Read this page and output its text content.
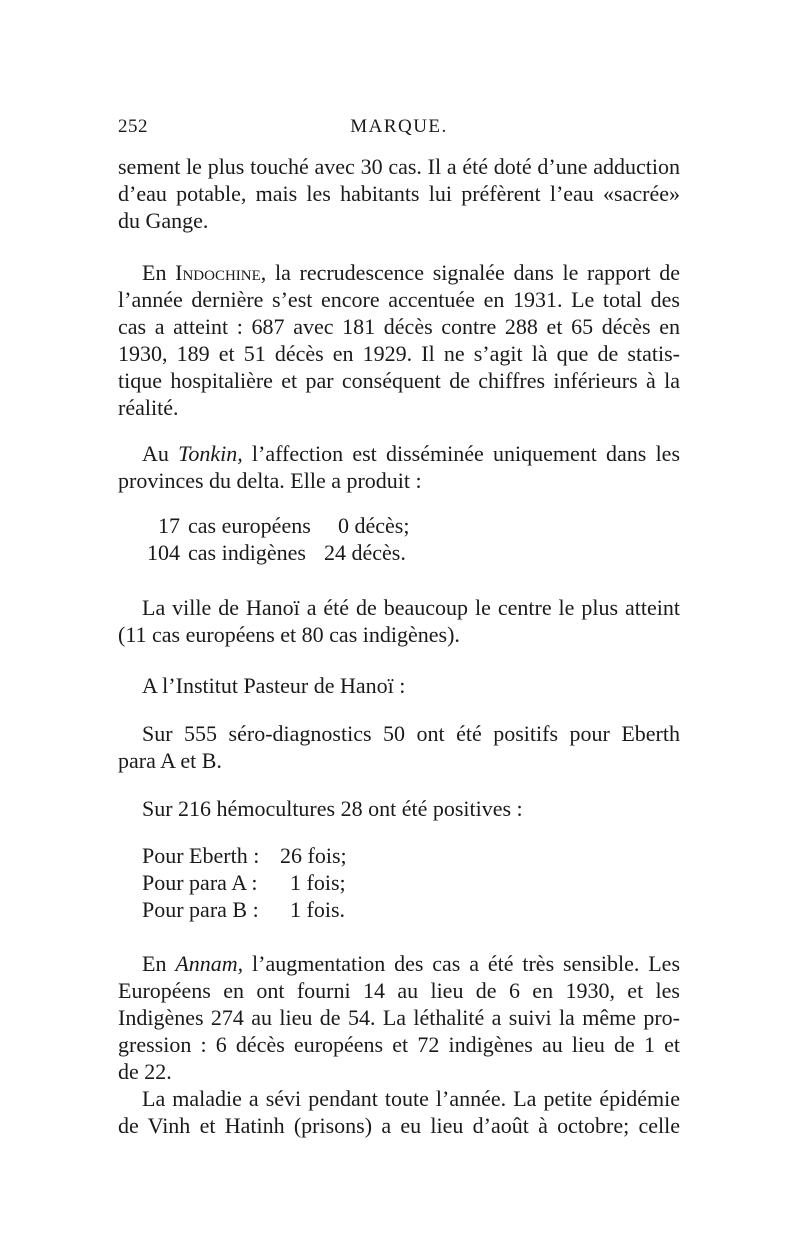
252	MARQUE.
sement le plus touché avec 30 cas. Il a été doté d’une adduction
d’eau potable, mais les habitants lui préfèrent l’eau «sacrée»
du Gange.
En Indochine, la recrudescence signalée dans le rapport de
l’année dernière s’est encore accentuée en 1931. Le total des
cas a atteint : 687 avec 181 décès contre 288 et 65 décès en
1930, 189 et 51 décès en 1929. Il ne s’agit là que de statis-
tique hospitalière et par conséquent de chiffres inférieurs à la
réalité.
Au Tonkin, l’affection est disséminée uniquement dans les
provinces du delta. Elle a produit :
17 cas européens 0 décès;
104 cas indigènes 24 décès.
La ville de Hanoï a été de beaucoup le centre le plus atteint
(11 cas européens et 80 cas indigènes).
A l’Institut Pasteur de Hanoï :
Sur 555 séro-diagnostics 50 ont été positifs pour Eberth
para A et B.
Sur 216 hémocultures 28 ont été positives :
Pour Eberth : 26 fois;
Pour para A : 1 fois;
Pour para B : 1 fois.
En Annam, l’augmentation des cas a été très sensible. Les
Européens en ont fourni 14 au lieu de 6 en 1930, et les
Indigènes 274 au lieu de 54. La léthalité a suivi la même pro-
gression : 6 décès européens et 72 indigènes au lieu de 1 et
de 22.
La maladie a sévi pendant toute l’année. La petite épidémie
de Vinh et Hatinh (prisons) a eu lieu d’août à octobre; celle
